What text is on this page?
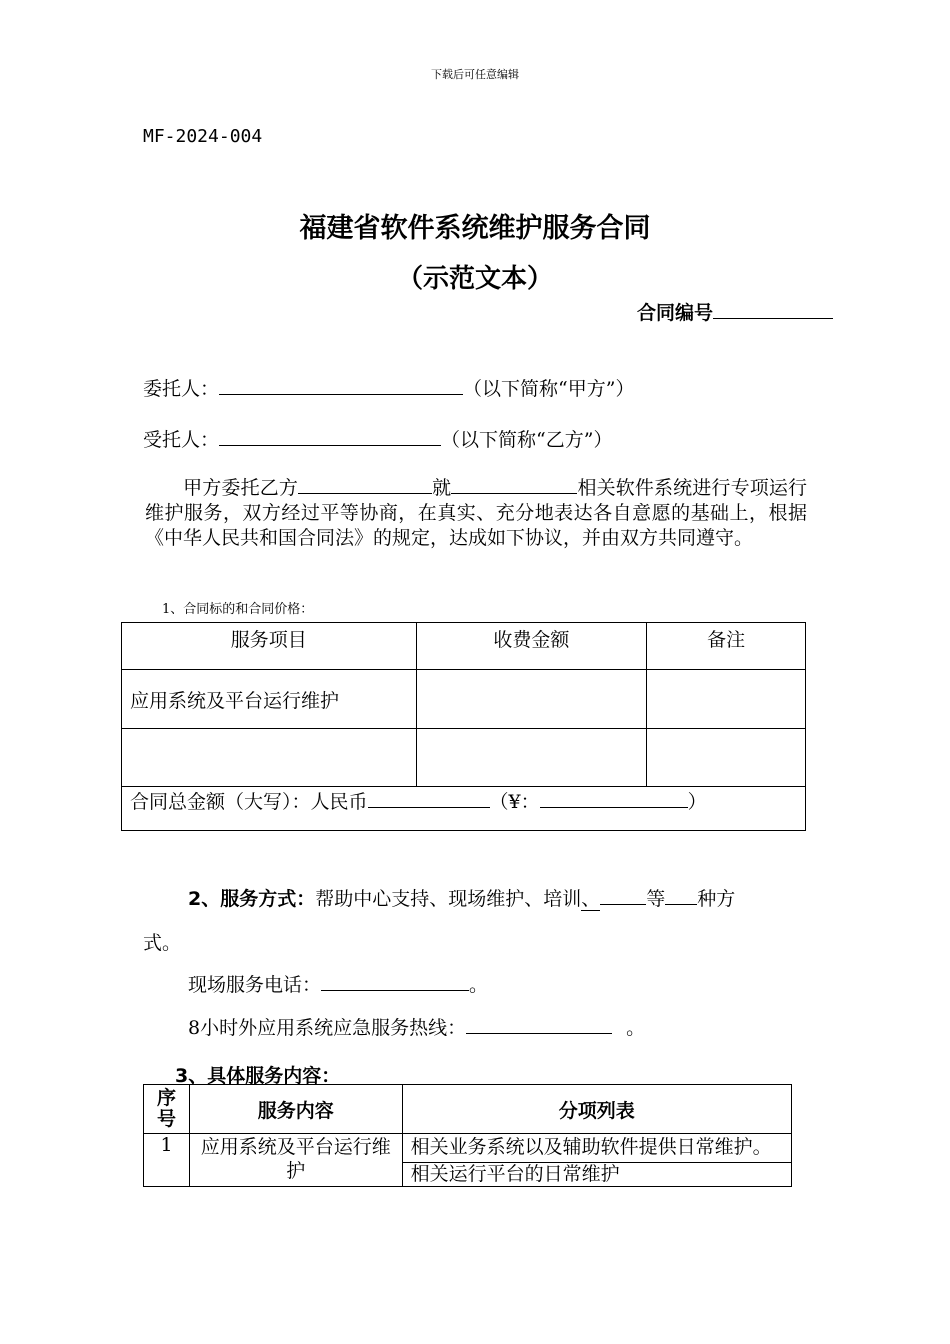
下载后可任意编辑
MF-2024-004
福建省软件系统维护服务合同
（示范文本）
合同编号
委托人：	（以下简称“甲方”）
受托人：	（以下简称“乙方”）

甲方委托乙方	就	相关软件系统进行专项运行维护服务，双方经过平等协商，在真实、充分地表达各自意愿的基础上，根据《中华人民共和国合同法》的规定，达成如下协议，并由双方共同遵守。

1、合同标的和合同价格：
服务项目	收费金额	备注
应用系统及平台运行维护		

合同总金额（大写）：人民币 （¥： ）		
2、服务方式：帮助中心支持、现场维护、培训、 等 种方
式。
现场服务电话：	。
8小时外应用系统应急服务热线：	。
3、具体服务内容：
序号	服务内容	分项列表
1	应用系统及平台运行维护	相关业务系统以及辅助软件提供日常维护。
相关运行平台的日常维护
